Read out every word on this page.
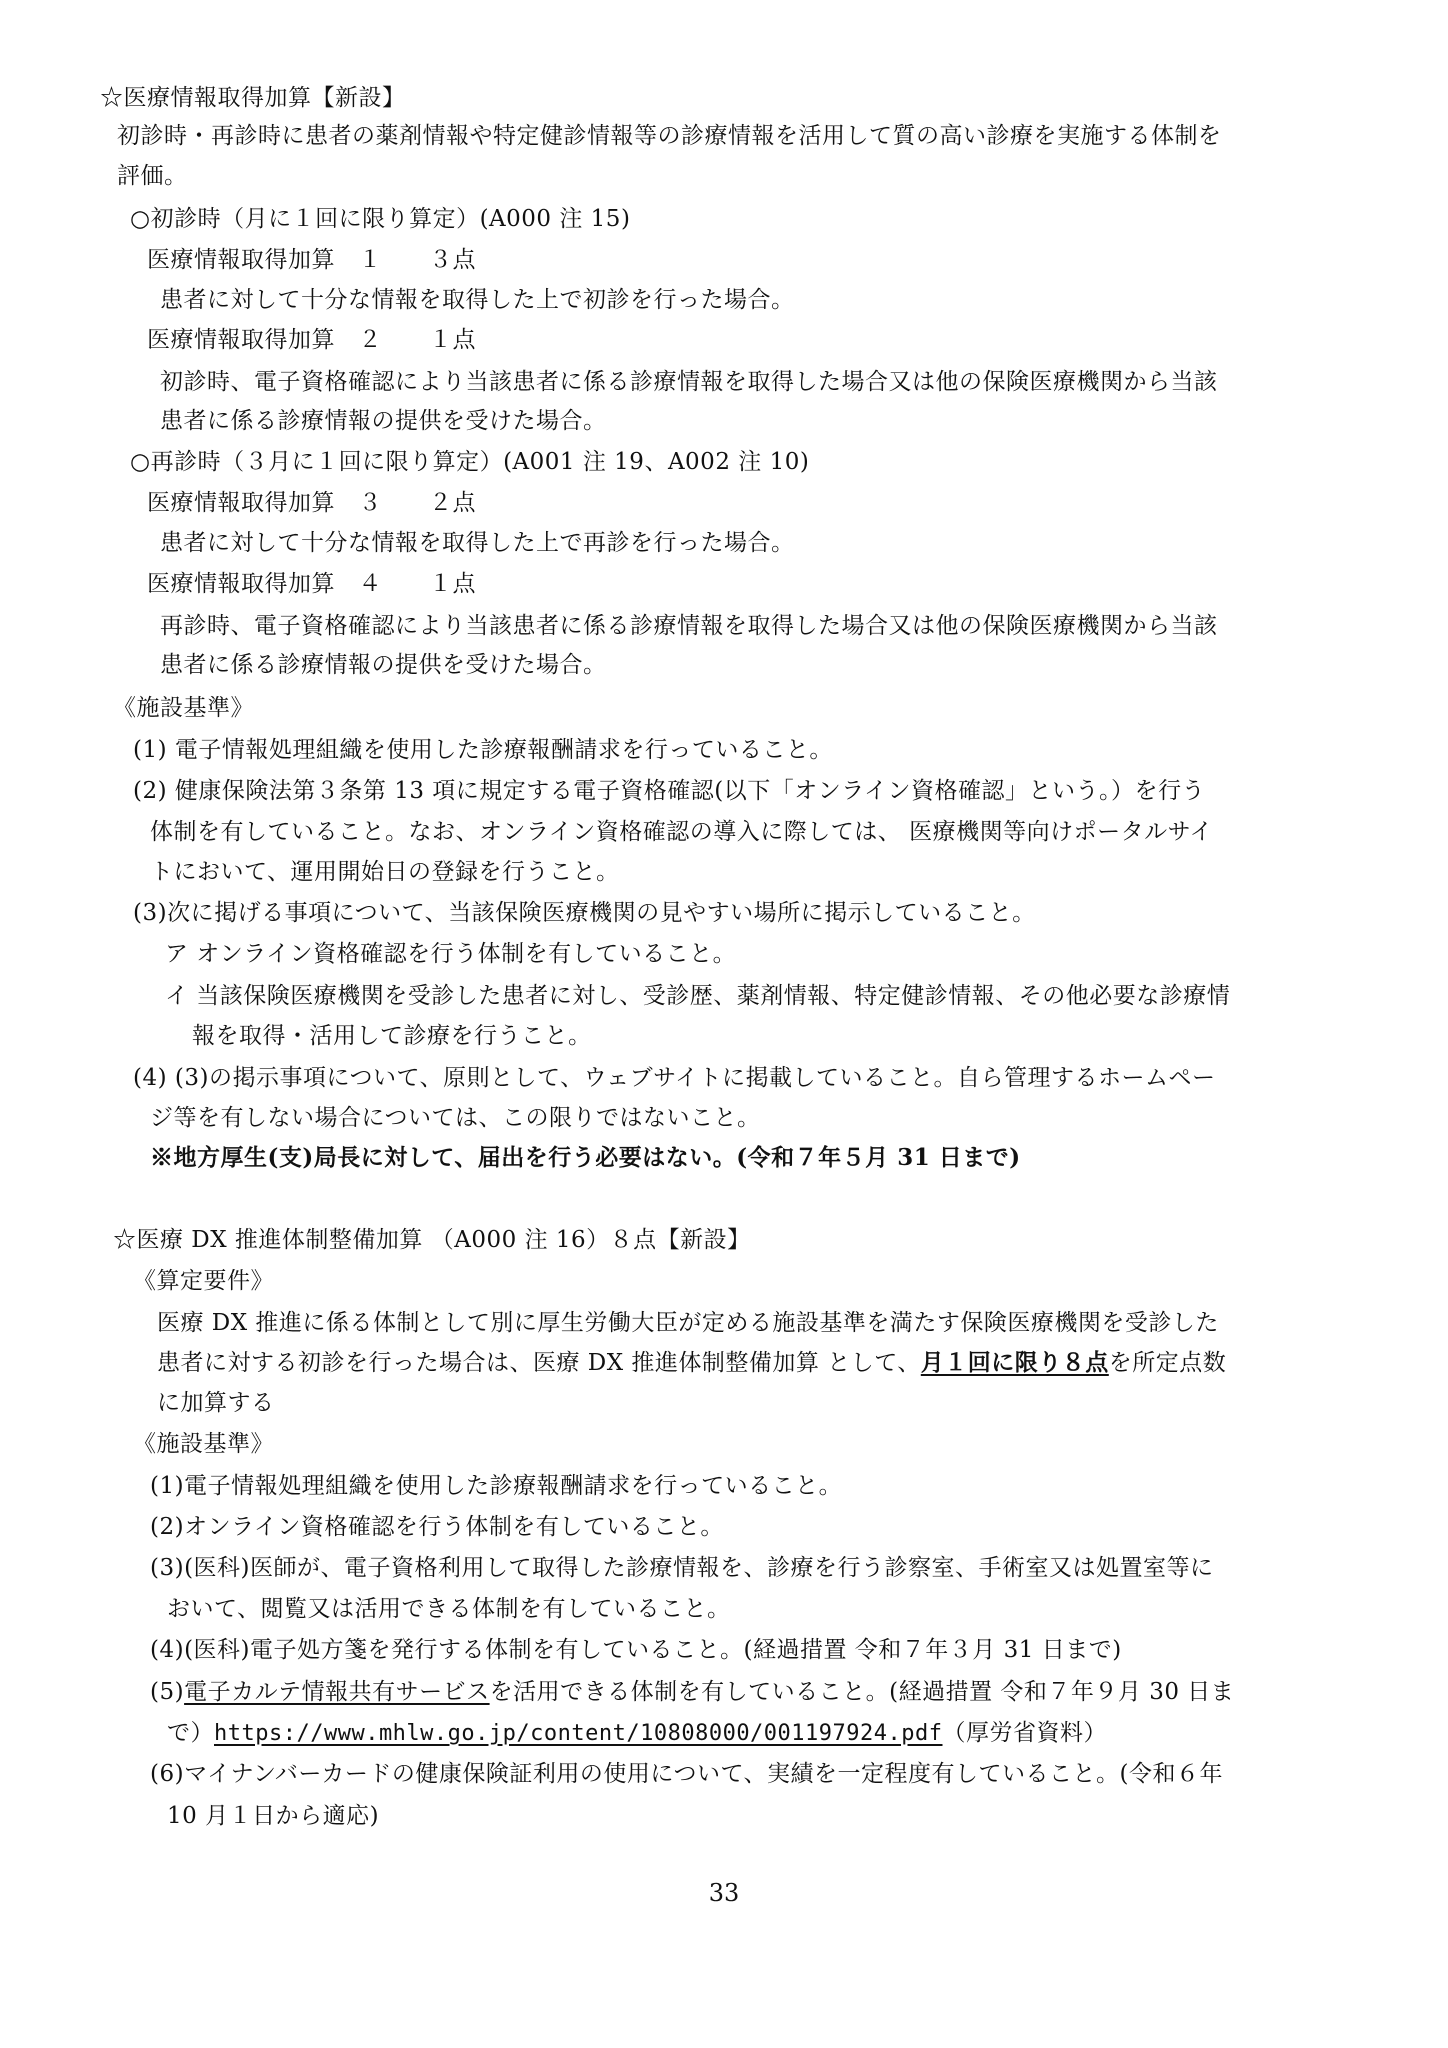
☆医療情報取得加算【新設】
初診時・再診時に患者の薬剤情報や特定健診情報等の診療情報を活用して質の高い診療を実施する体制を
評価。
○初診時（月に１回に限り算定）(A000 注 15)
医療情報取得加算　１　　３点
患者に対して十分な情報を取得した上で初診を行った場合。
医療情報取得加算　２　　１点
初診時、電子資格確認により当該患者に係る診療情報を取得した場合又は他の保険医療機関から当該
患者に係る診療情報の提供を受けた場合。
○再診時（３月に１回に限り算定）(A001 注 19、A002 注 10)
医療情報取得加算　３　　２点
患者に対して十分な情報を取得した上で再診を行った場合。
医療情報取得加算　４　　１点
再診時、電子資格確認により当該患者に係る診療情報を取得した場合又は他の保険医療機関から当該
患者に係る診療情報の提供を受けた場合。
《施設基準》
(1) 電子情報処理組織を使用した診療報酬請求を行っていること。
(2) 健康保険法第３条第 13 項に規定する電子資格確認(以下「オンライン資格確認」という。）を行う
体制を有していること。なお、オンライン資格確認の導入に際しては、 医療機関等向けポータルサイ
トにおいて、運用開始日の登録を行うこと。
(3)次に掲げる事項について、当該保険医療機関の見やすい場所に掲示していること。
ア オンライン資格確認を行う体制を有していること。
イ 当該保険医療機関を受診した患者に対し、受診歴、薬剤情報、特定健診情報、その他必要な診療情
報を取得・活用して診療を行うこと。
(4) (3)の掲示事項について、原則として、ウェブサイトに掲載していること。自ら管理するホームペー
ジ等を有しない場合については、この限りではないこと。
※地方厚生(支)局長に対して、届出を行う必要はない。(令和７年５月 31 日まで)
☆医療 DX 推進体制整備加算 （A000 注 16）８点【新設】
《算定要件》
医療 DX 推進に係る体制として別に厚生労働大臣が定める施設基準を満たす保険医療機関を受診した
患者に対する初診を行った場合は、医療 DX 推進体制整備加算 として、月１回に限り８点を所定点数
に加算する
《施設基準》
(1)電子情報処理組織を使用した診療報酬請求を行っていること。
(2)オンライン資格確認を行う体制を有していること。
(3)(医科)医師が、電子資格利用して取得した診療情報を、診療を行う診察室、手術室又は処置室等に
おいて、閲覧又は活用できる体制を有していること。
(4)(医科)電子処方箋を発行する体制を有していること。(経過措置 令和７年３月 31 日まで)
(5)電子カルテ情報共有サービスを活用できる体制を有していること。(経過措置 令和７年９月 30 日ま
で）https://www.mhlw.go.jp/content/10808000/001197924.pdf（厚労省資料）
(6)マイナンバーカードの健康保険証利用の使用について、実績を一定程度有していること。(令和６年
10 月１日から適応)
33
